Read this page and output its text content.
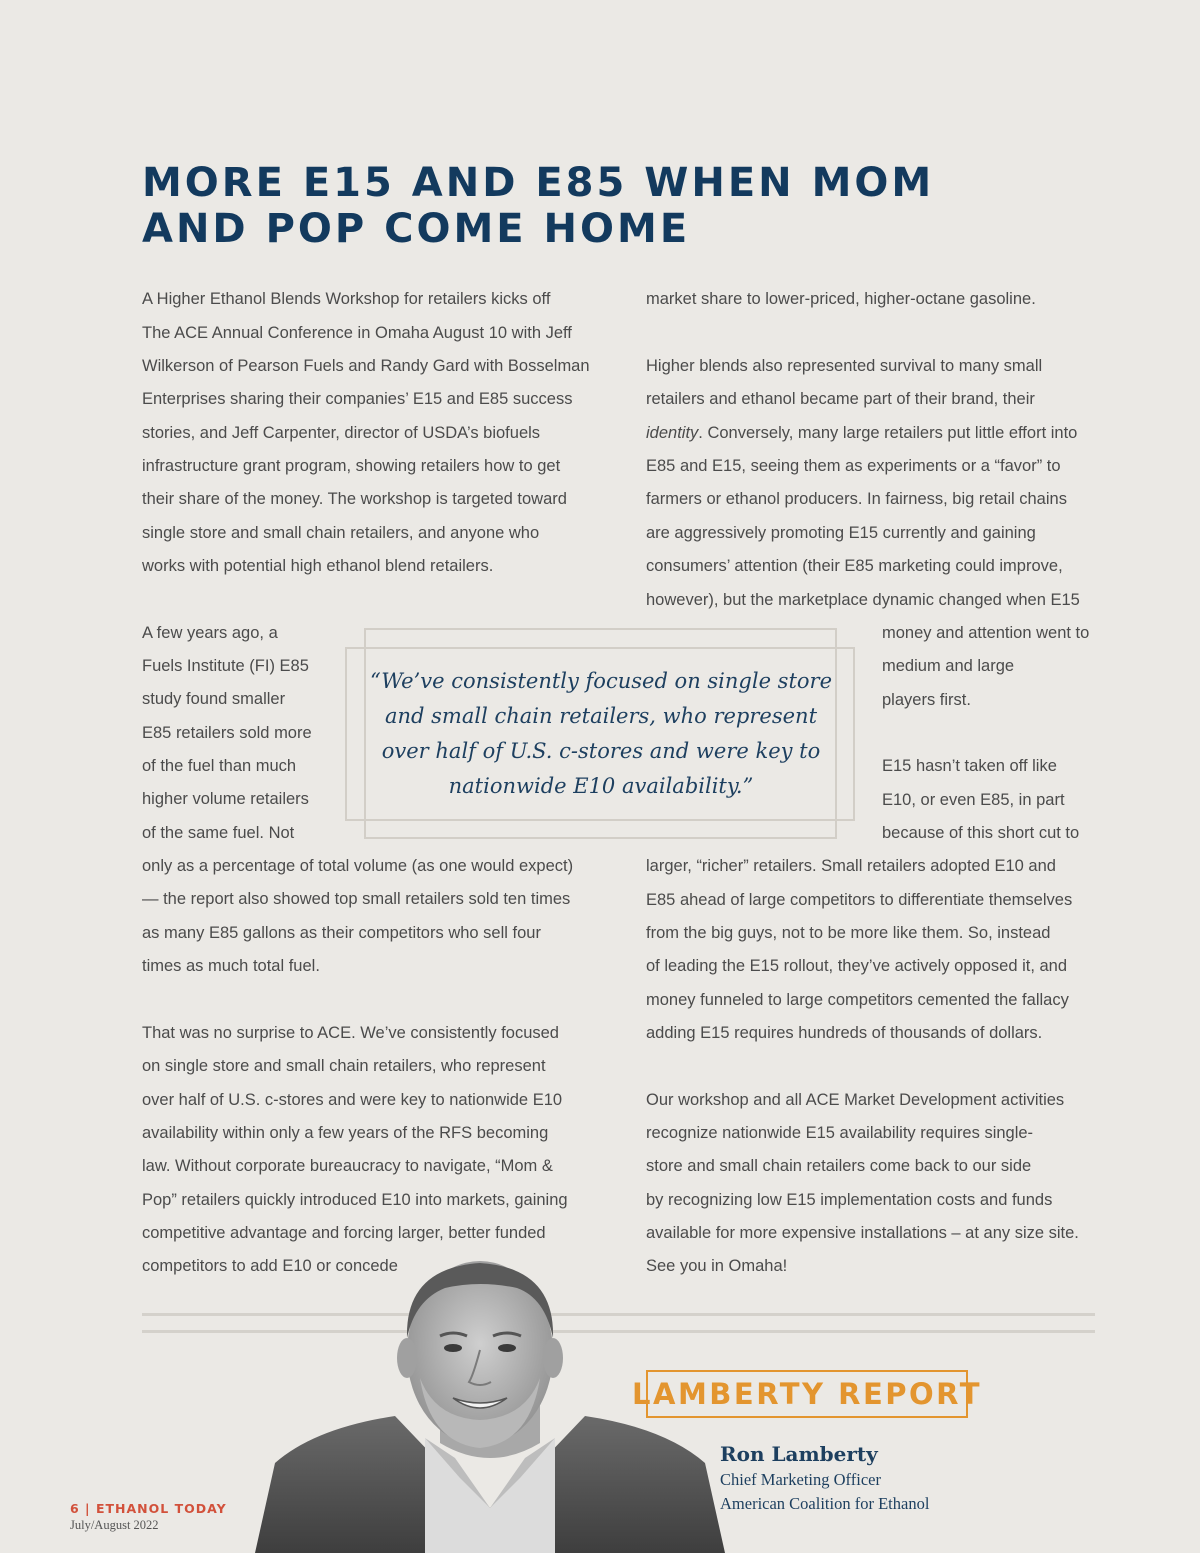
MORE E15 AND E85 WHEN MOM AND POP COME HOME

A Higher Ethanol Blends Workshop for retailers kicks off

The ACE Annual Conference in Omaha August 10 with Jeff

Wilkerson of Pearson Fuels and Randy Gard with Bosselman

Enterprises sharing their companies’ E15 and E85 success

stories, and Jeff Carpenter, director of USDA’s biofuels

infrastructure grant program, showing retailers how to get

their share of the money. The workshop is targeted toward

single store and small chain retailers, and anyone who

works with potential high ethanol blend retailers.

A few years ago, a

Fuels Institute (FI) E85

study found smaller

E85 retailers sold more

of the fuel than much

higher volume retailers

of the same fuel. Not

only as a percentage of total volume (as one would expect)

— the report also showed top small retailers sold ten times

as many E85 gallons as their competitors who sell four

times as much total fuel.

That was no surprise to ACE. We’ve consistently focused

on single store and small chain retailers, who represent

over half of U.S. c-stores and were key to nationwide E10

availability within only a few years of the RFS becoming

law. Without corporate bureaucracy to navigate, “Mom &

Pop” retailers quickly introduced E10 into markets, gaining

competitive advantage and forcing larger, better funded

competitors to add E10 or concede

market share to lower-priced, higher-octane gasoline.

Higher blends also represented survival to many small

retailers and ethanol became part of their brand, their

identity. Conversely, many large retailers put little effort into

E85 and E15, seeing them as experiments or a “favor” to

farmers or ethanol producers. In fairness, big retail chains

are aggressively promoting E15 currently and gaining

consumers’ attention (their E85 marketing could improve,

however), but the marketplace dynamic changed when E15

money and attention went to

medium and large

players first.

E15 hasn’t taken off like

E10, or even E85, in part

because of this short cut to

larger, “richer” retailers. Small retailers adopted E10 and

E85 ahead of large competitors to differentiate themselves

from the big guys, not to be more like them. So, instead

of leading the E15 rollout, they’ve actively opposed it, and

money funneled to large competitors cemented the fallacy

adding E15 requires hundreds of thousands of dollars.

Our workshop and all ACE Market Development activities

recognize nationwide E15 availability requires single-

store and small chain retailers come back to our side

by recognizing low E15 implementation costs and funds

available for more expensive installations – at any size site.

See you in Omaha!

“We’ve consistently focused on single store and small chain retailers, who represent over half of U.S. c-stores and were key to nationwide E10 availability.”

LAMBERTY REPORT

Ron Lamberty

Chief Marketing Officer

American Coalition for Ethanol

6 | ETHANOL TODAY

July/August 2022
